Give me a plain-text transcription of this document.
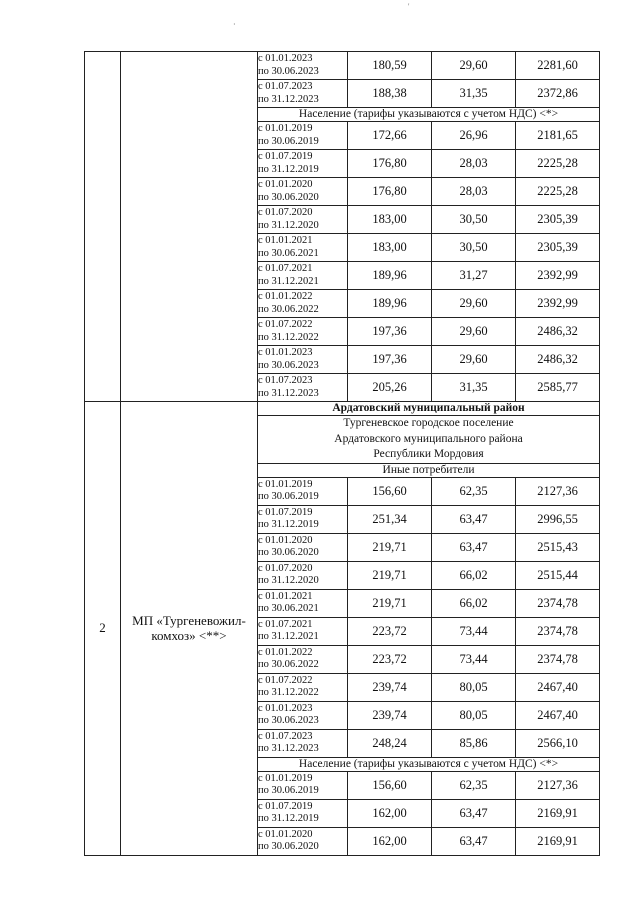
·
'

		с 01.01.2023
по 30.06.2023	180,59	29,60	2281,60

		с 01.07.2023
по 31.12.2023	188,38	31,35	2372,86
		Население (тарифы указываются с учетом НДС) <*>			

		с 01.01.2019
по 30.06.2019	172,66	26,96	2181,65

		с 01.07.2019
по 31.12.2019	176,80	28,03	2225,28

		с 01.01.2020
по 30.06.2020	176,80	28,03	2225,28

		с 01.07.2020
по 31.12.2020	183,00	30,50	2305,39

		с 01.01.2021
по 30.06.2021	183,00	30,50	2305,39

		с 01.07.2021
по 31.12.2021	189,96	31,27	2392,99

		с 01.01.2022
по 30.06.2022	189,96	29,60	2392,99

		с 01.07.2022
по 31.12.2022	197,36	29,60	2486,32

		с 01.01.2023
по 30.06.2023	197,36	29,60	2486,32

		с 01.07.2023
по 31.12.2023	205,26	31,35	2585,77
2	МП «Тургеневожил-комхоз» <**>	Ардатовский муниципальный район			

		Тургеневское городское поселение
Ардатовского муниципального района
Республики Мордовия			

		Иные потребители			

		с 01.01.2019
по 30.06.2019	156,60	62,35	2127,36

		с 01.07.2019
по 31.12.2019	251,34	63,47	2996,55

		с 01.01.2020
по 30.06.2020	219,71	63,47	2515,43

		с 01.07.2020
по 31.12.2020	219,71	66,02	2515,44

		с 01.01.2021
по 30.06.2021	219,71	66,02	2374,78

		с 01.07.2021
по 31.12.2021	223,72	73,44	2374,78

		с 01.01.2022
по 30.06.2022	223,72	73,44	2374,78

		с 01.07.2022
по 31.12.2022	239,74	80,05	2467,40

		с 01.01.2023
по 30.06.2023	239,74	80,05	2467,40

		с 01.07.2023
по 31.12.2023	248,24	85,86	2566,10
		Население (тарифы указываются с учетом НДС) <*>			

		с 01.01.2019
по 30.06.2019	156,60	62,35	2127,36

		с 01.07.2019
по 31.12.2019	162,00	63,47	2169,91

		с 01.01.2020
по 30.06.2020	162,00	63,47	2169,91
